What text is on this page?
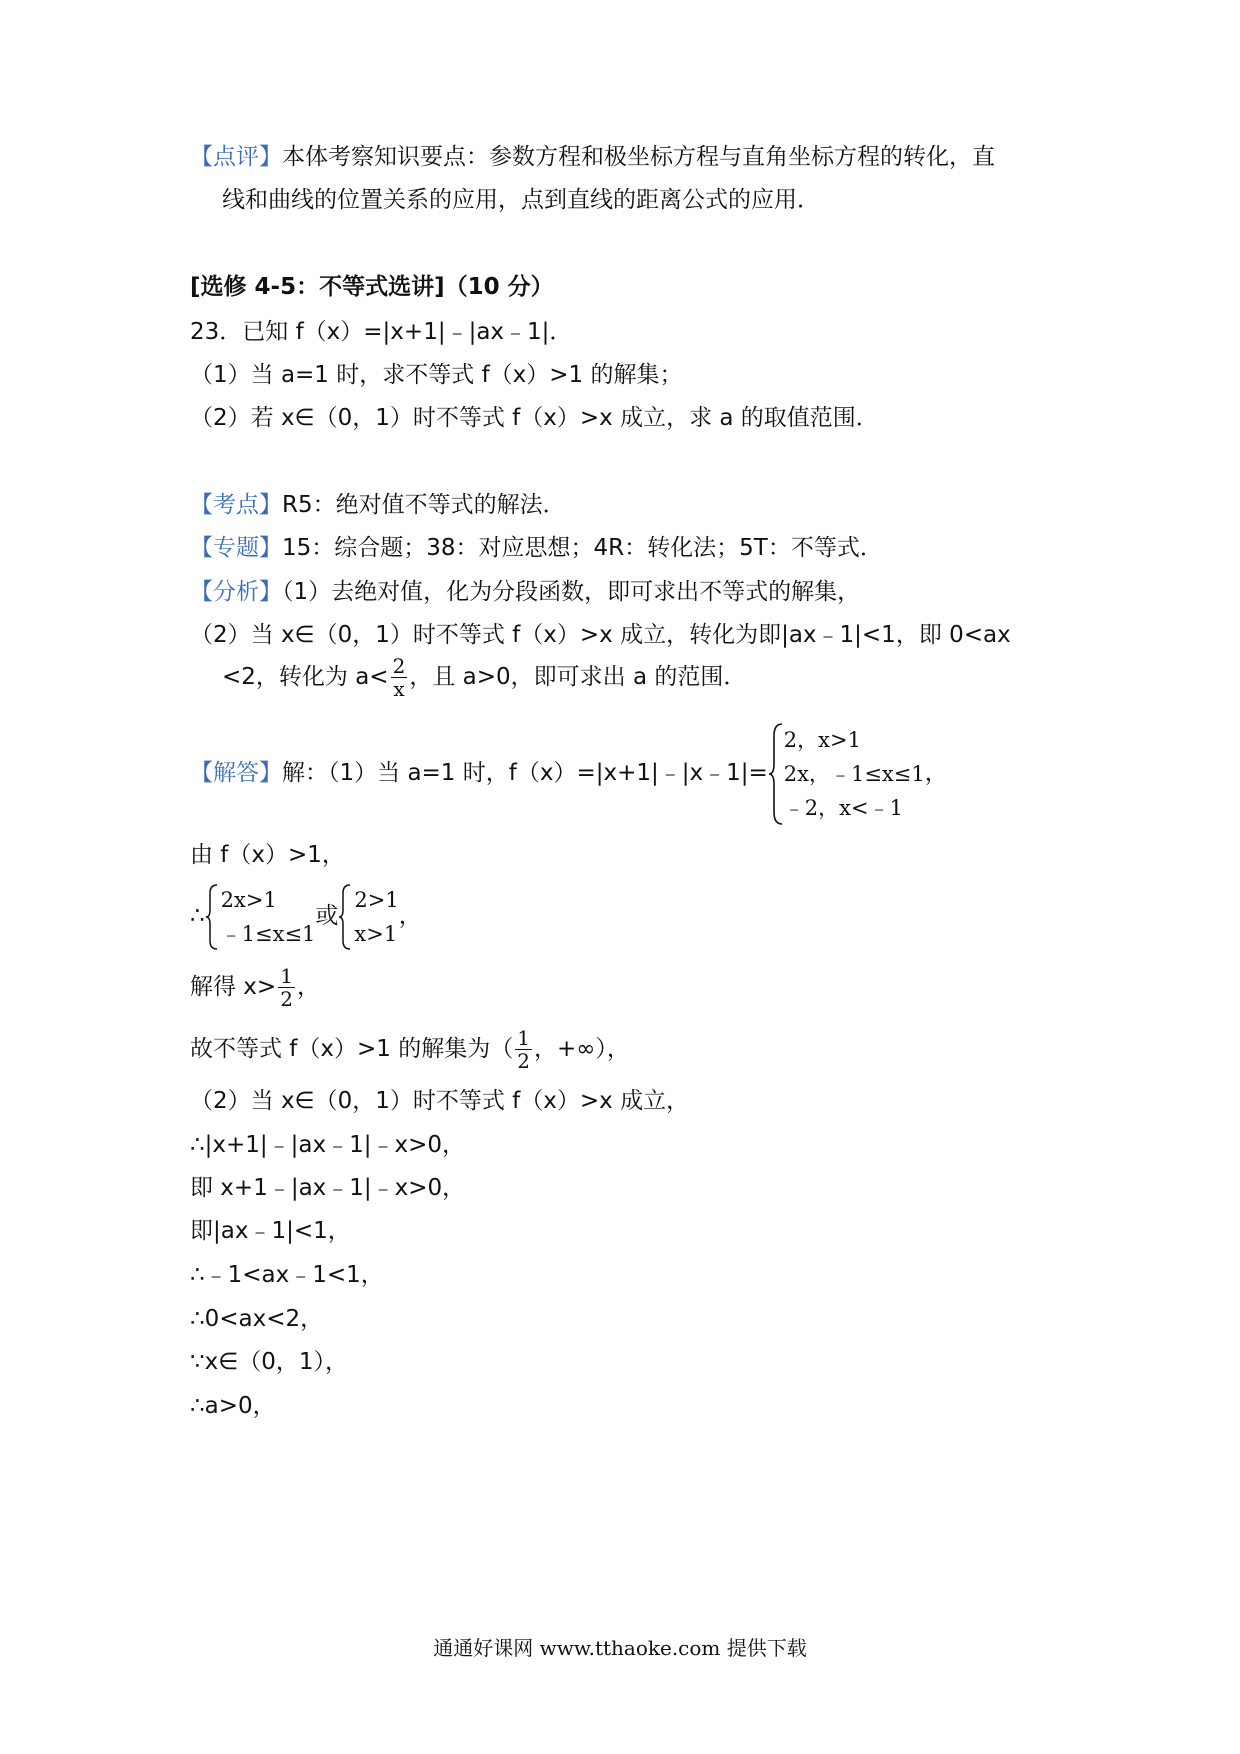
【点评】本体考察知识要点：参数方程和极坐标方程与直角坐标方程的转化，直
线和曲线的位置关系的应用，点到直线的距离公式的应用．
[选修 4-5：不等式选讲]（10 分）
23．已知 f（x）=|x+1|﹣|ax﹣1|．
（1）当 a=1 时，求不等式 f（x）>1 的解集；
（2）若 x∈（0，1）时不等式 f（x）>x 成立，求 a 的取值范围．
【考点】R5：绝对值不等式的解法．
【专题】15：综合题；38：对应思想；4R：转化法；5T：不等式．
【分析】（1）去绝对值，化为分段函数，即可求出不等式的解集，
（2）当 x∈（0，1）时不等式 f（x）>x 成立，转化为即|ax﹣1|<1，即 0<ax
<2，转化为 $a< \frac{2}{x}$ ，且 a>0，即可求出 a 的范围．
【解答】解：（1）当 a=1 时，f（x）=|x+1|﹣|x﹣1|=
2，x>1
2x，﹣1≤x≤1
﹣2，x<﹣1
，
由 f（x）>1，
∴
2x>1
﹣1≤x≤1
或
2>1
x>1
，
解得 $x> \frac{1}{2}$ ，
故不等式 f（x）>1 的解集为（ $\frac{1}{2}$ ，+∞），
（2）当 x∈（0，1）时不等式 f（x）>x 成立，
∴|x+1|﹣|ax﹣1|﹣x>0，
即 x+1﹣|ax﹣1|﹣x>0，
即|ax﹣1|<1，
∴﹣1<ax﹣1<1，
∴0<ax<2，
∵x∈（0，1），
∴a>0，
通通好课网 www.tthaoke.com 提供下载
